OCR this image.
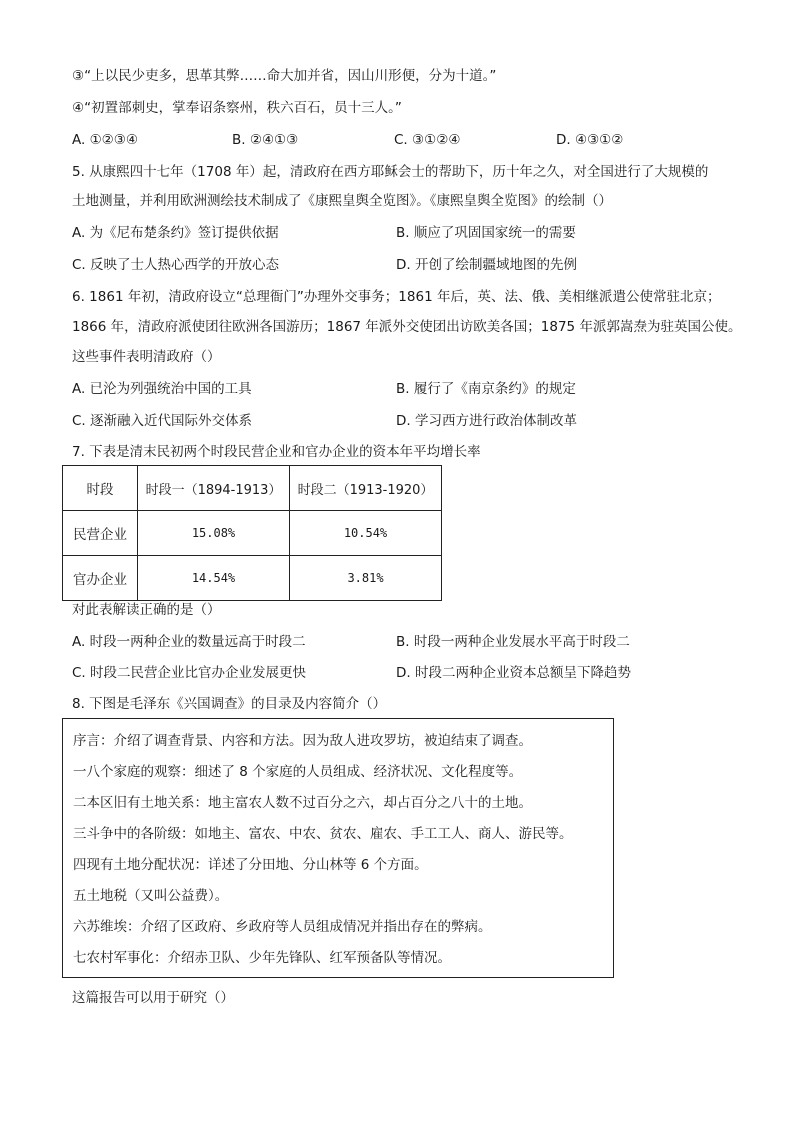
③“上以民少吏多，思革其弊……命大加并省，因山川形便，分为十道。”
④“初置部刺史，掌奉诏条察州，秩六百石，员十三人。”
A. ①②③④	B. ②④①③	C. ③①②④	D. ④③①②
5. 从康熙四十七年（1708 年）起，清政府在西方耶稣会士的帮助下，历十年之久，对全国进行了大规模的
土地测量，并利用欧洲测绘技术制成了《康熙皇舆全览图》。《康熙皇舆全览图》的绘制（）
A. 为《尼布楚条约》签订提供依据	B. 顺应了巩固国家统一的需要
C. 反映了士人热心西学的开放心态	D. 开创了绘制疆域地图的先例
6. 1861 年初，清政府设立“总理衙门”办理外交事务；1861 年后，英、法、俄、美相继派遣公使常驻北京；
1866 年，清政府派使团往欧洲各国游历；1867 年派外交使团出访欧美各国；1875 年派郭嵩焘为驻英国公使。
这些事件表明清政府（）
A. 已沦为列强统治中国的工具	B. 履行了《南京条约》的规定
C. 逐渐融入近代国际外交体系	D. 学习西方进行政治体制改革
7. 下表是清末民初两个时段民营企业和官办企业的资本年平均增长率
时段	时段一（1894-1913）	时段二（1913-1920）
民营企业	15.08%	10.54%
官办企业	14.54%	3.81%
对此表解读正确的是（）
A. 时段一两种企业的数量远高于时段二	B. 时段一两种企业发展水平高于时段二
C. 时段二民营企业比官办企业发展更快	D. 时段二两种企业资本总额呈下降趋势
8. 下图是毛泽东《兴国调查》的目录及内容简介（）
序言：介绍了调查背景、内容和方法。因为敌人进攻罗坊，被迫结束了调查。
一八个家庭的观察：细述了 8 个家庭的人员组成、经济状况、文化程度等。
二本区旧有土地关系：地主富农人数不过百分之六，却占百分之八十的土地。
三斗争中的各阶级：如地主、富农、中农、贫农、雇农、手工工人、商人、游民等。
四现有土地分配状况：详述了分田地、分山林等 6 个方面。
五土地税（又叫公益费）。
六苏维埃：介绍了区政府、乡政府等人员组成情况并指出存在的弊病。
七农村军事化：介绍赤卫队、少年先锋队、红军预备队等情况。
这篇报告可以用于研究（）
